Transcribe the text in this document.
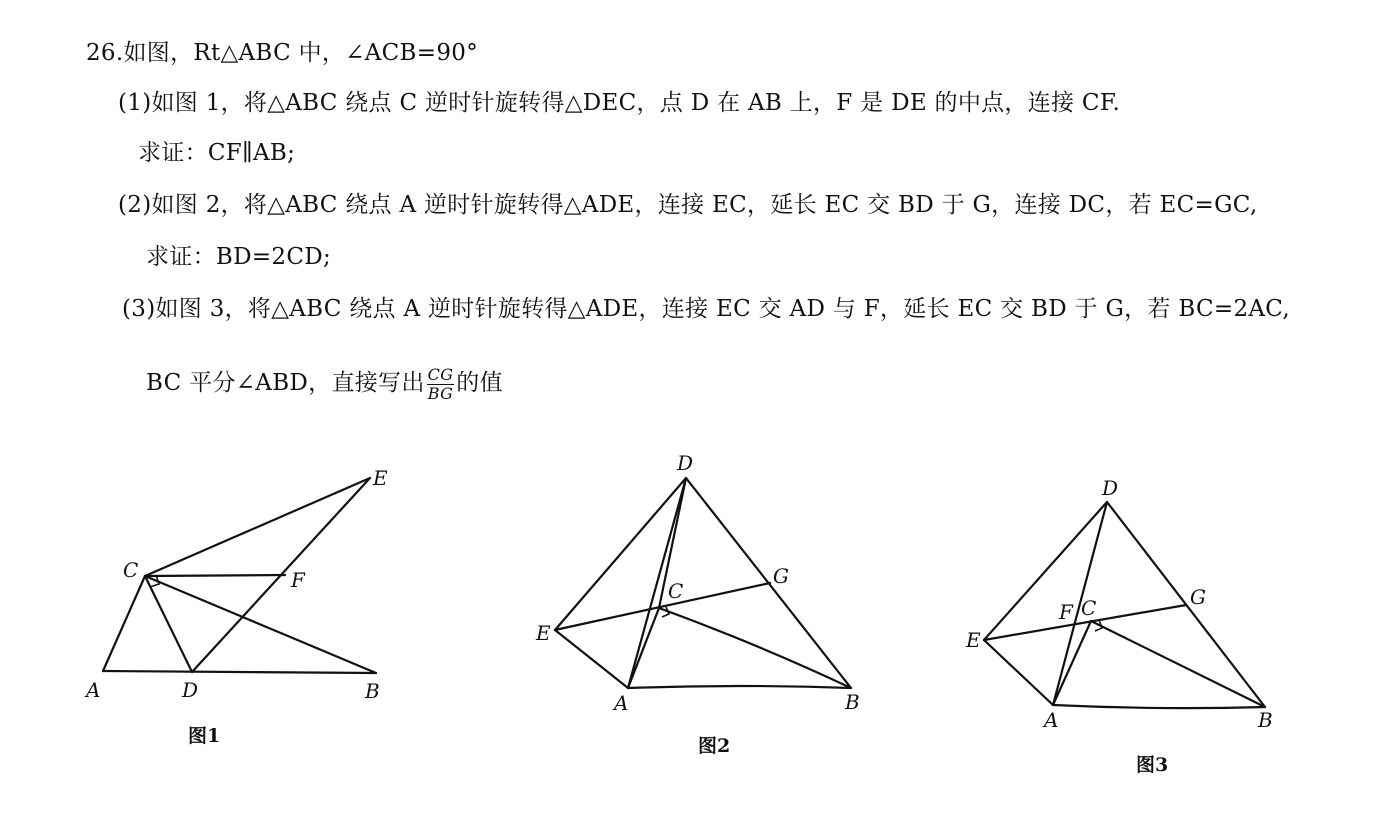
26.如图，Rt△ABC 中，∠ACB=90°
(1)如图 1，将△ABC 绕点 C 逆时针旋转得△DEC，点 D 在 AB 上，F 是 DE 的中点，连接 CF.
求证：CF∥AB;
(2)如图 2，将△ABC 绕点 A 逆时针旋转得△ADE，连接 EC，延长 EC 交 BD 于 G，连接 DC，若 EC=GC,
求证：BD=2CD;
(3)如图 3，将△ABC 绕点 A 逆时针旋转得△ADE，连接 EC 交 AD 与 F，延长 EC 交 BD 于 G，若 BC=2AC,
BC 平分∠ABD，直接写出 $\frac{CG}{BG}$ 的值
A	D	B
C	F
E
图1
D
E
C
G
A	B
图2
D
E
F C	G
A	B
图3
